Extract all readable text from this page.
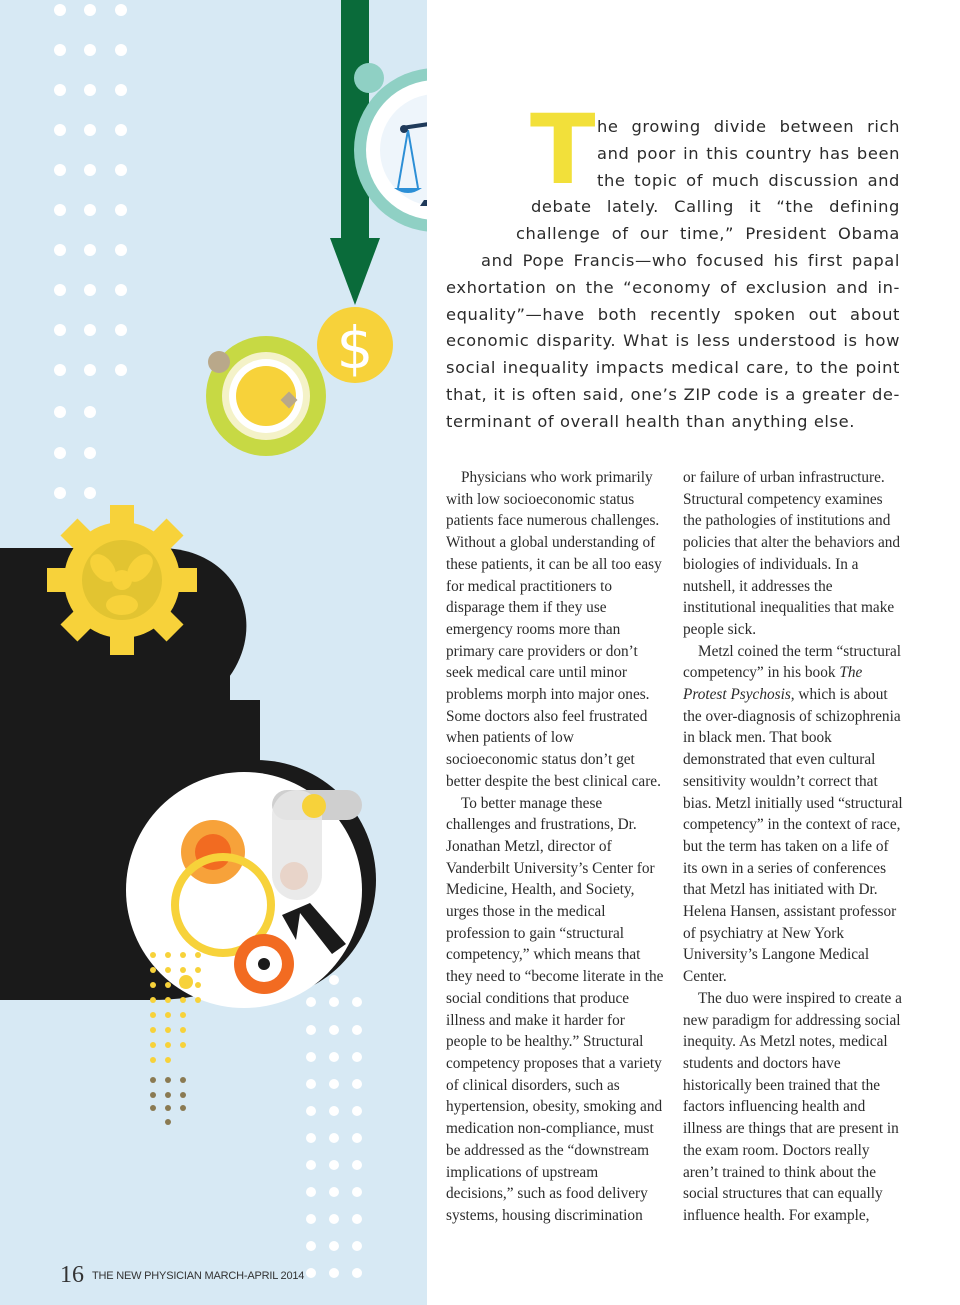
$
T he growing divide between rich
and poor in this country has been
the topic of much discussion and
debate lately. Calling it “the defining
challenge of our time,” President Obama
and Pope Francis—who focused his first papal
exhortation on the “economy of exclusion and in-
equality”—have both recently spoken out about
economic disparity. What is less understood is how
social inequality impacts medical care, to the point
that, it is often said, one’s ZIP code is a greater de-
terminant of overall health than anything else.

Physicians who work primarily with low socioeconomic status patients face numerous challenges. Without a global understanding of these patients, it can be all too easy for medical practitioners to disparage them if they use emergency rooms more than primary care providers or don’t seek medical care until minor problems morph into major ones. Some doctors also feel frustrated when patients of low socioeconomic status don’t get better despite the best clinical care.

To better manage these challenges and frustrations, Dr. Jonathan Metzl, director of Vanderbilt University’s Center for Medicine, Health, and Society, urges those in the medical profession to gain “structural competency,” which means that they need to “become literate in the social conditions that produce illness and make it harder for people to be healthy.” Structural competency proposes that a variety of clinical disorders, such as hypertension, obesity, smoking and medication non-compliance, must be addressed as the “downstream implications of upstream decisions,” such as food delivery systems, housing discrimination

or failure of urban infrastructure. Structural competency examines the pathologies of institutions and policies that alter the behaviors and biologies of individuals. In a nutshell, it addresses the institutional inequalities that make people sick.

Metzl coined the term “structural competency” in his book The Protest Psychosis, which is about the over-diagnosis of schizophrenia in black men. That book demonstrated that even cultural sensitivity wouldn’t correct that bias. Metzl initially used “structural competency” in the context of race, but the term has taken on a life of its own in a series of conferences that Metzl has initiated with Dr. Helena Hansen, assistant professor of psychiatry at New York University’s Langone Medical Center.

The duo were inspired to create a new paradigm for addressing social inequity. As Metzl notes, medical students and doctors have historically been trained that the factors influencing health and illness are things that are present in the exam room. Doctors really aren’t trained to think about the social structures that can equally influence health. For example,

16 THE NEW PHYSICIAN MARCH-APRIL 2014
